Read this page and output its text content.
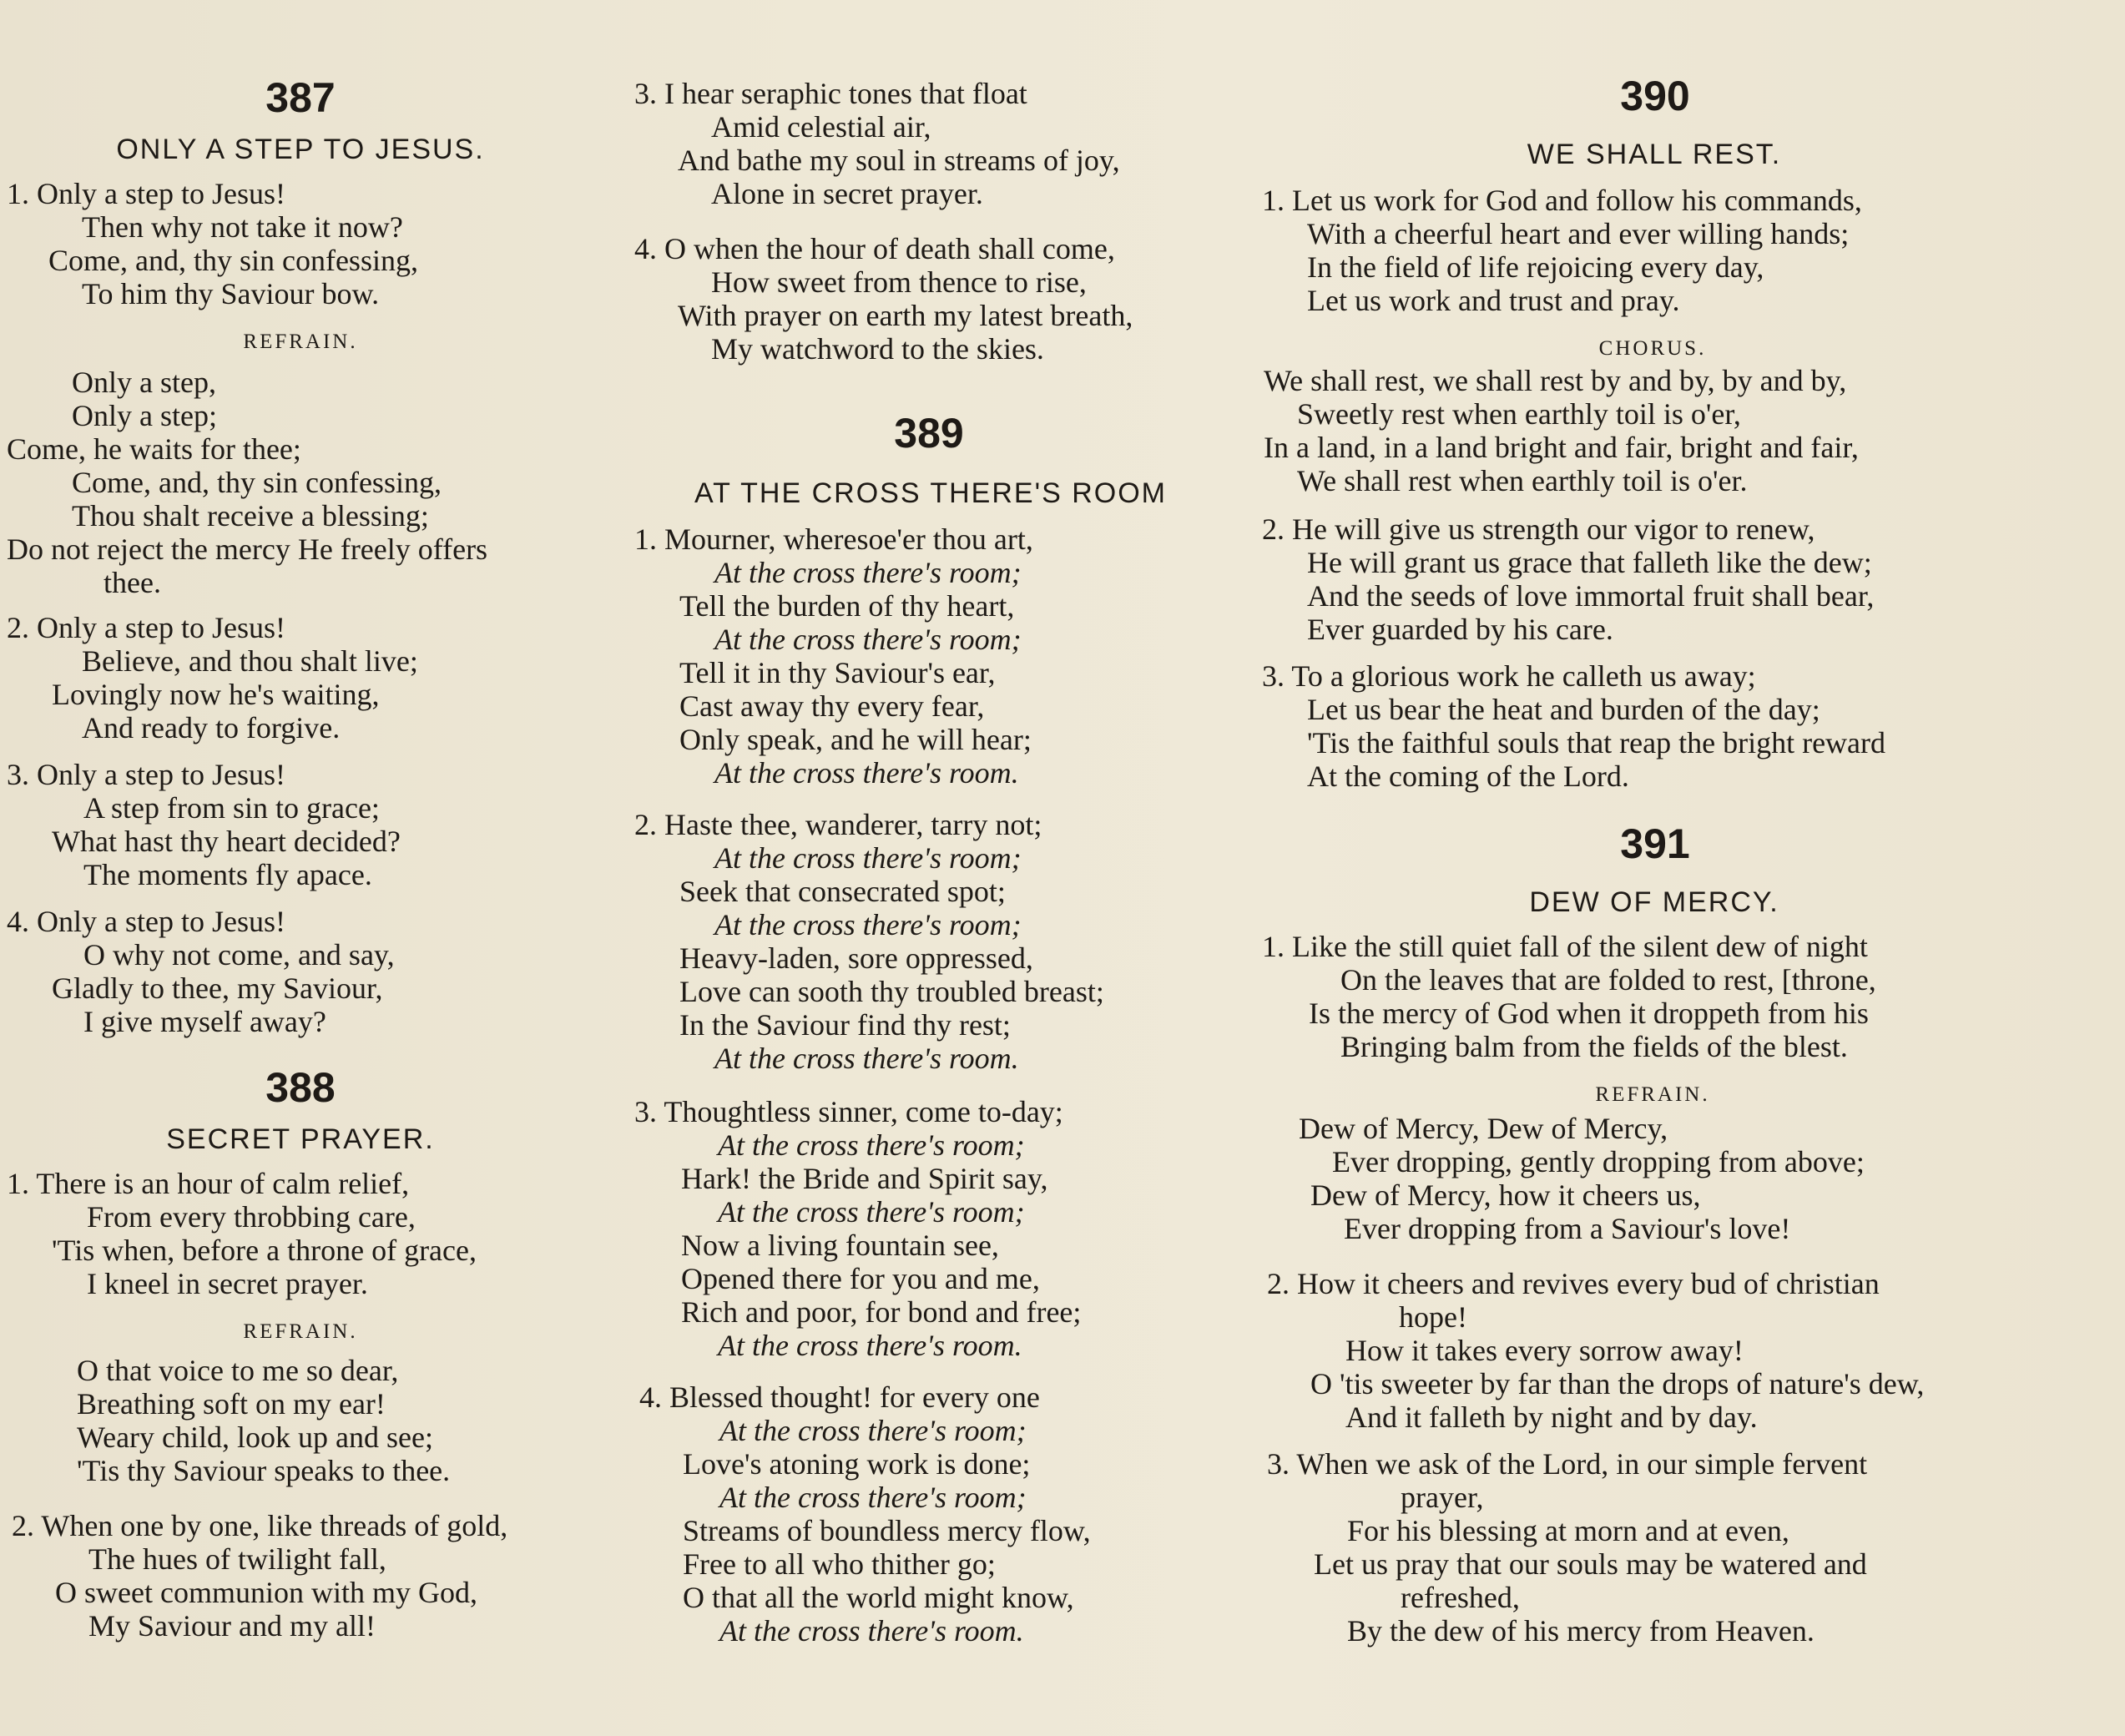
387
ONLY A STEP TO JESUS.
1. Only a step to Jesus!
Then why not take it now?
Come, and, thy sin confessing,
To him thy Saviour bow.
REFRAIN.
Only a step,
Only a step;
Come, he waits for thee;
Come, and, thy sin confessing,
Thou shalt receive a blessing;
Do not reject the mercy He freely offers
thee.
2. Only a step to Jesus!
Believe, and thou shalt live;
Lovingly now he's waiting,
And ready to forgive.
3. Only a step to Jesus!
A step from sin to grace;
What hast thy heart decided?
The moments fly apace.
4. Only a step to Jesus!
O why not come, and say,
Gladly to thee, my Saviour,
I give myself away?
388
SECRET PRAYER.
1. There is an hour of calm relief,
From every throbbing care,
'Tis when, before a throne of grace,
I kneel in secret prayer.
REFRAIN.
O that voice to me so dear,
Breathing soft on my ear!
Weary child, look up and see;
'Tis thy Saviour speaks to thee.
2. When one by one, like threads of gold,
The hues of twilight fall,
O sweet communion with my God,
My Saviour and my all!
3. I hear seraphic tones that float
Amid celestial air,
And bathe my soul in streams of joy,
Alone in secret prayer.
4. O when the hour of death shall come,
How sweet from thence to rise,
With prayer on earth my latest breath,
My watchword to the skies.
389
AT THE CROSS THERE'S ROOM
1. Mourner, wheresoe'er thou art,
At the cross there's room;
Tell the burden of thy heart,
At the cross there's room;
Tell it in thy Saviour's ear,
Cast away thy every fear,
Only speak, and he will hear;
At the cross there's room.
2. Haste thee, wanderer, tarry not;
At the cross there's room;
Seek that consecrated spot;
At the cross there's room;
Heavy-laden, sore oppressed,
Love can sooth thy troubled breast;
In the Saviour find thy rest;
At the cross there's room.
3. Thoughtless sinner, come to-day;
At the cross there's room;
Hark! the Bride and Spirit say,
At the cross there's room;
Now a living fountain see,
Opened there for you and me,
Rich and poor, for bond and free;
At the cross there's room.
4. Blessed thought! for every one
At the cross there's room;
Love's atoning work is done;
At the cross there's room;
Streams of boundless mercy flow,
Free to all who thither go;
O that all the world might know,
At the cross there's room.
390
WE SHALL REST.
1. Let us work for God and follow his commands,
With a cheerful heart and ever willing hands;
In the field of life rejoicing every day,
Let us work and trust and pray.
CHORUS.
We shall rest, we shall rest by and by, by and by,
Sweetly rest when earthly toil is o'er,
In a land, in a land bright and fair, bright and fair,
We shall rest when earthly toil is o'er.
2. He will give us strength our vigor to renew,
He will grant us grace that falleth like the dew;
And the seeds of love immortal fruit shall bear,
Ever guarded by his care.
3. To a glorious work he calleth us away;
Let us bear the heat and burden of the day;
'Tis the faithful souls that reap the bright reward
At the coming of the Lord.
391
DEW OF MERCY.
1. Like the still quiet fall of the silent dew of night
On the leaves that are folded to rest, [throne,
Is the mercy of God when it droppeth from his
Bringing balm from the fields of the blest.
REFRAIN.
Dew of Mercy, Dew of Mercy,
Ever dropping, gently dropping from above;
Dew of Mercy, how it cheers us,
Ever dropping from a Saviour's love!
2. How it cheers and revives every bud of christian
hope!
How it takes every sorrow away!
O 'tis sweeter by far than the drops of nature's dew,
And it falleth by night and by day.
3. When we ask of the Lord, in our simple fervent
prayer,
For his blessing at morn and at even,
Let us pray that our souls may be watered and
refreshed,
By the dew of his mercy from Heaven.
